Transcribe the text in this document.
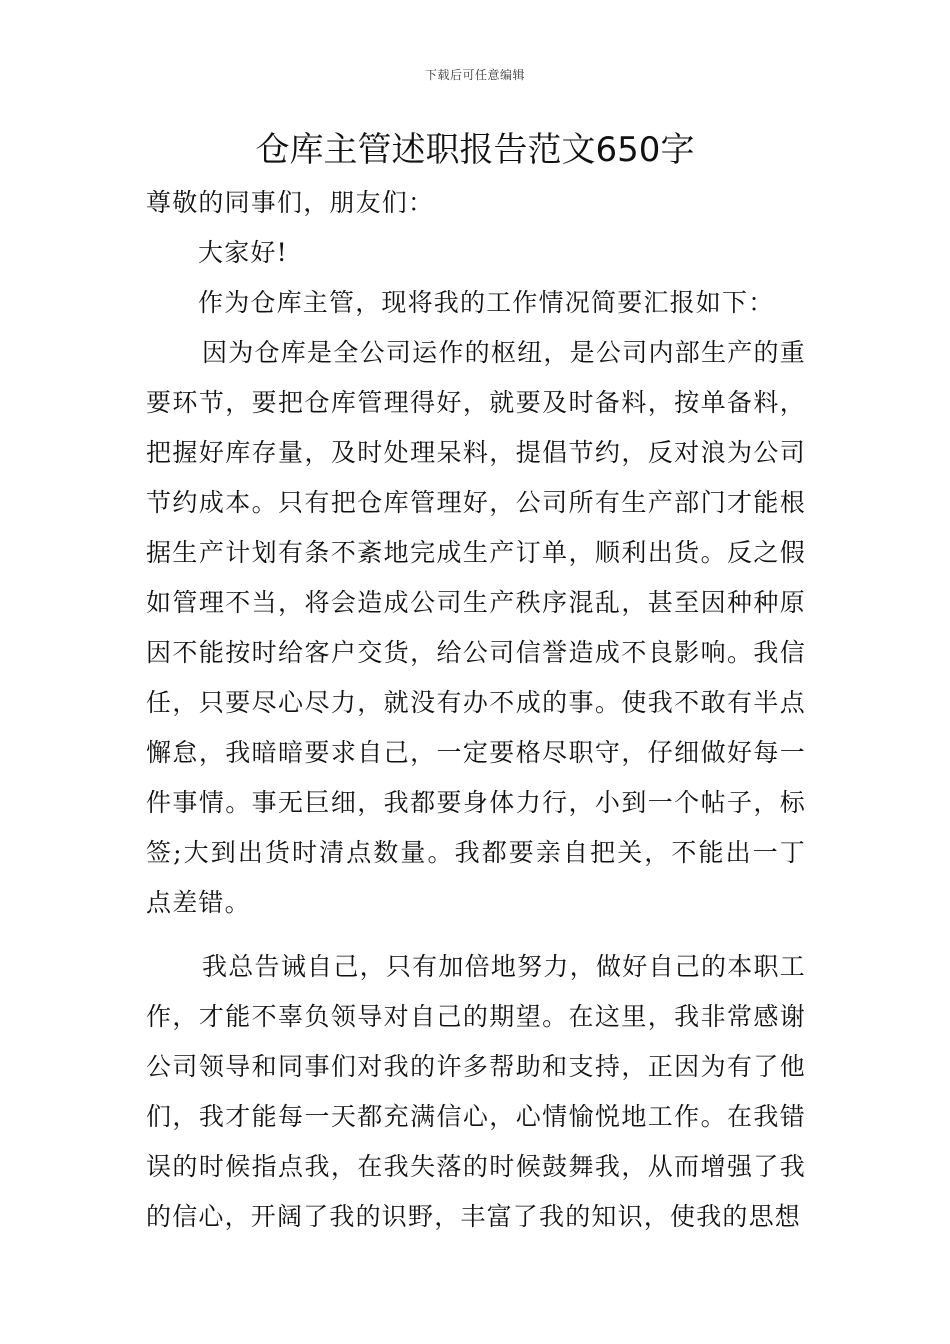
下载后可任意编辑
仓库主管述职报告范文650字

尊敬的同事们，朋友们：

大家好!

作为仓库主管，现将我的工作情况简要汇报如下：

因为仓库是全公司运作的枢纽，是公司内部生产的重要环节，要把仓库管理得好，就要及时备料，按单备料，把握好库存量，及时处理呆料，提倡节约，反对浪为公司节约成本。只有把仓库管理好，公司所有生产部门才能根据生产计划有条不紊地完成生产订单，顺利出货。反之假如管理不当，将会造成公司生产秩序混乱，甚至因种种原因不能按时给客户交货，给公司信誉造成不良影响。我信任，只要尽心尽力，就没有办不成的事。使我不敢有半点懈怠，我暗暗要求自己，一定要格尽职守，仔细做好每一件事情。事无巨细，我都要身体力行，小到一个帖子，标签;大到出货时清点数量。我都要亲自把关，不能出一丁点差错。

我总告诫自己，只有加倍地努力，做好自己的本职工作，才能不辜负领导对自己的期望。在这里，我非常感谢公司领导和同事们对我的许多帮助和支持，正因为有了他们，我才能每一天都充满信心，心情愉悦地工作。在我错误的时候指点我，在我失落的时候鼓舞我，从而增强了我的信心，开阔了我的识野，丰富了我的知识，使我的思想
